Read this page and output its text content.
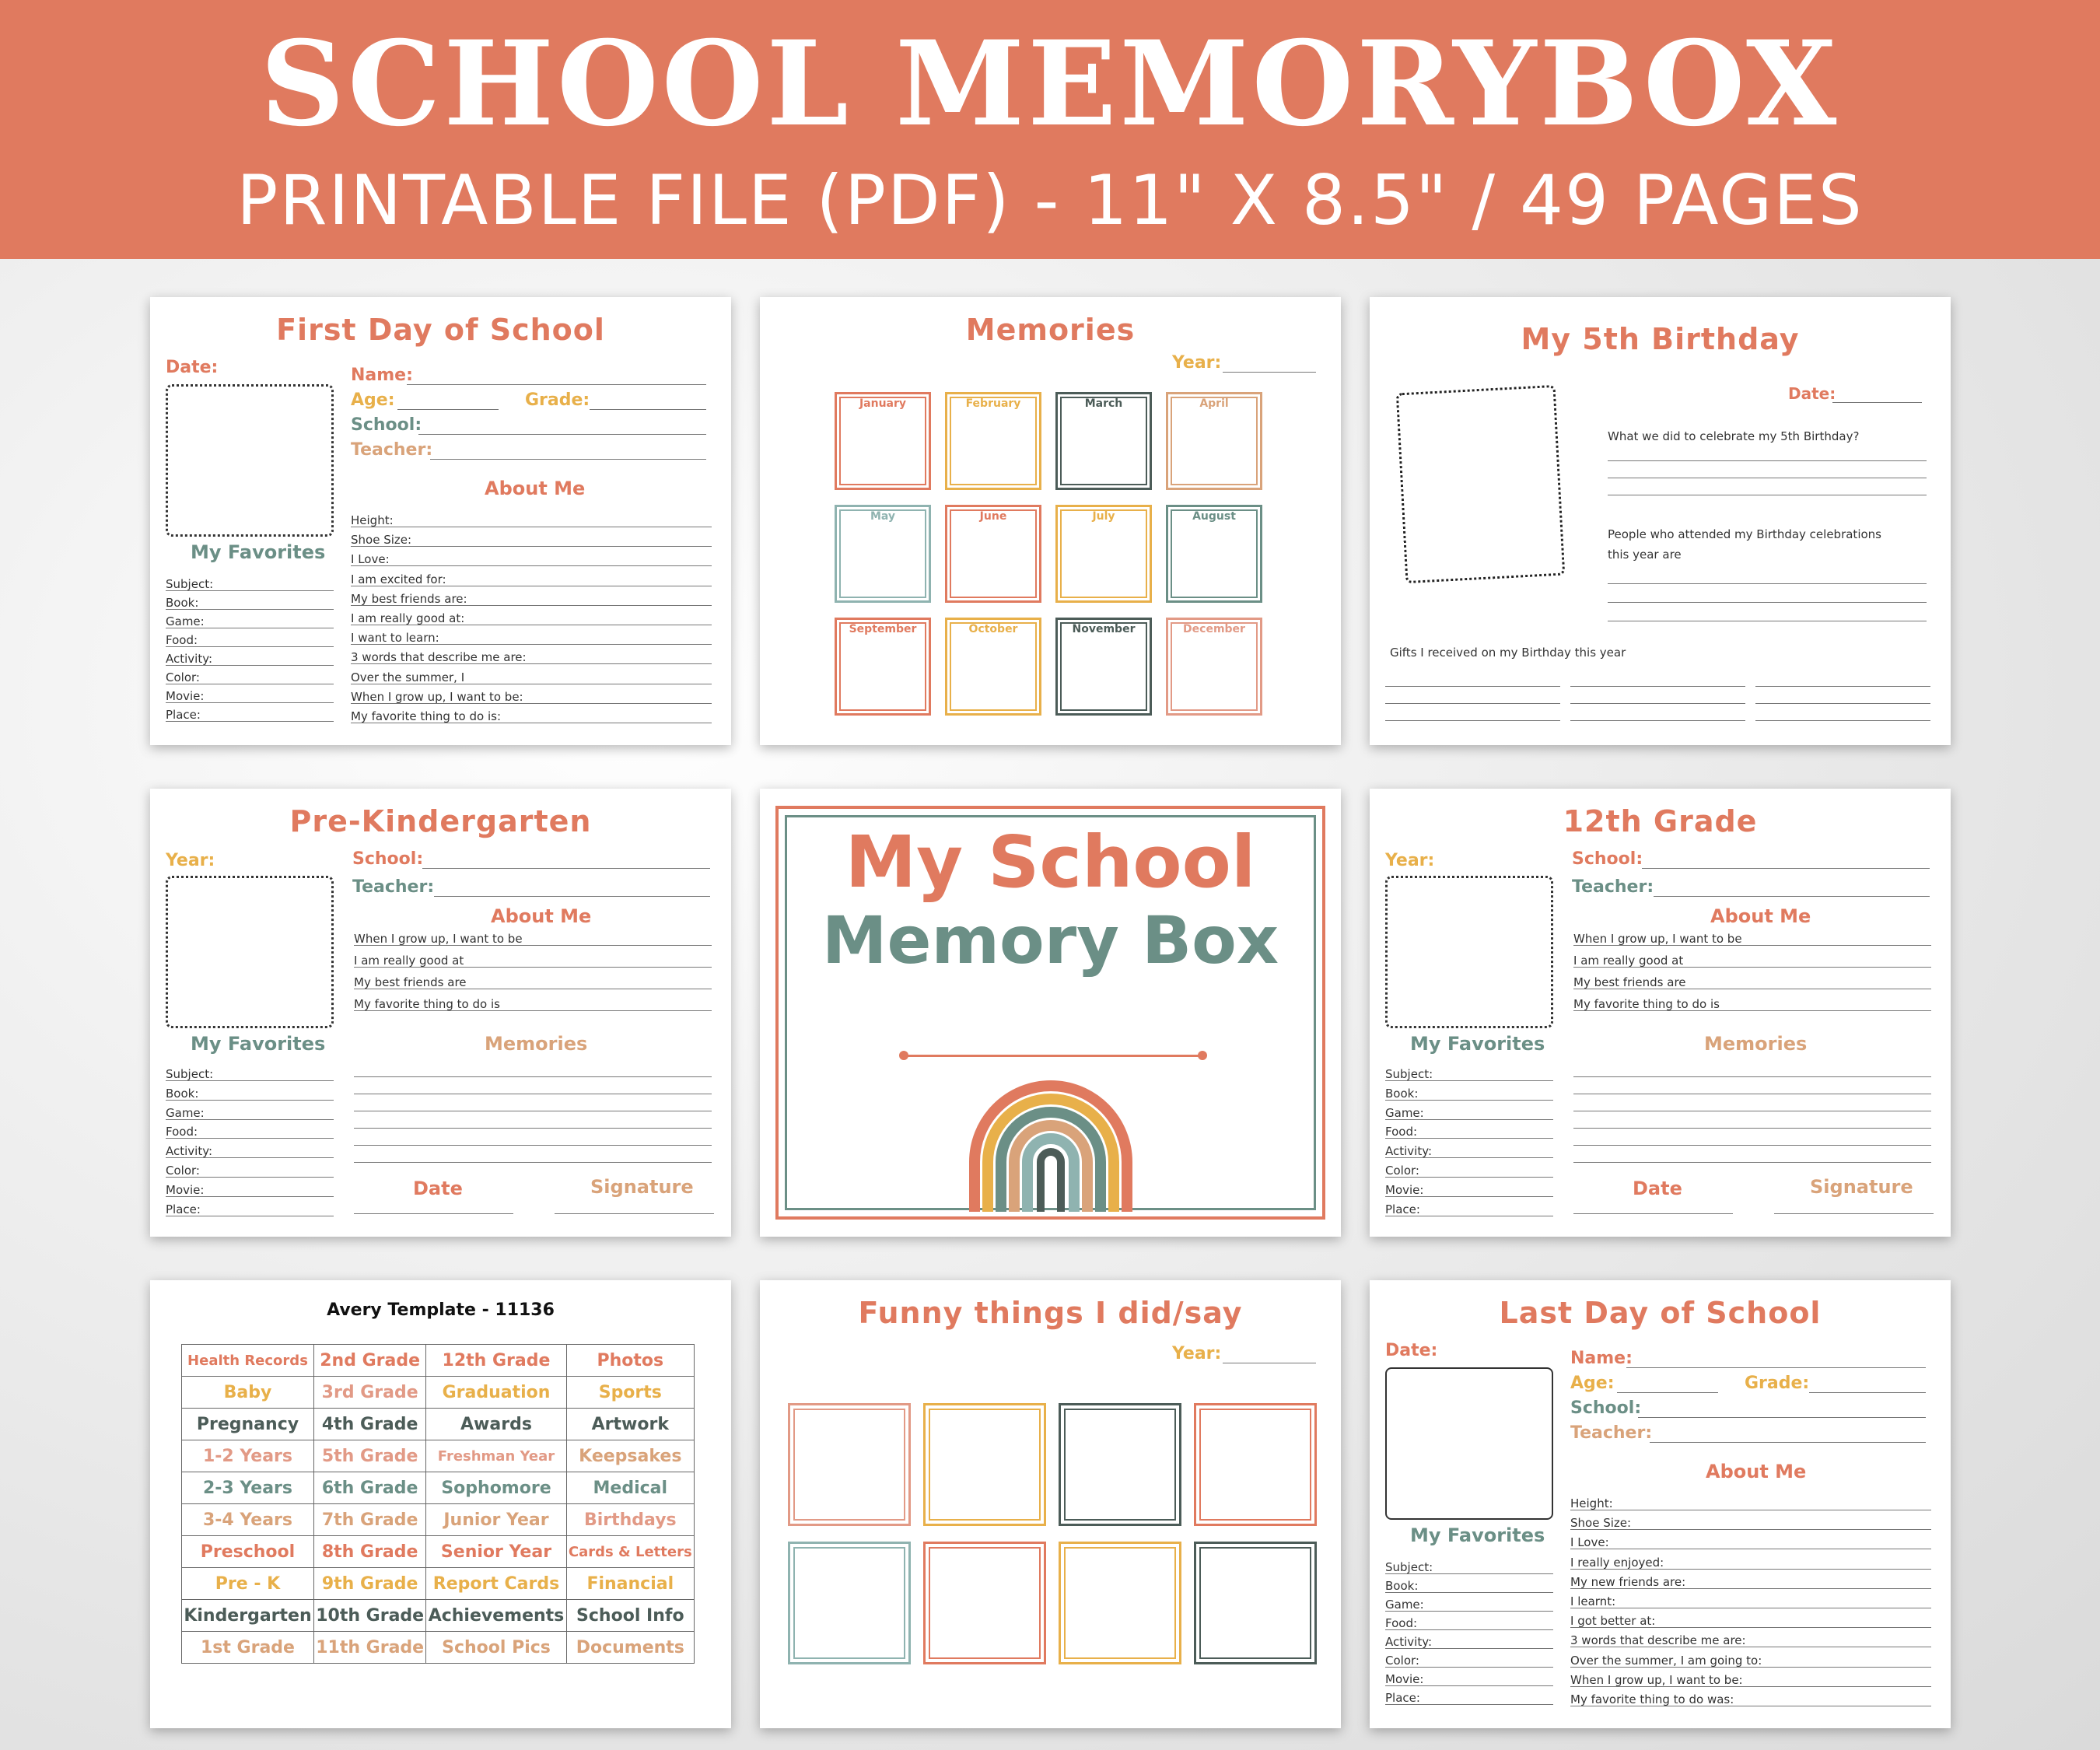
SCHOOL MEMORYBOX
PRINTABLE FILE (PDF) - 11" X 8.5" / 49 PAGES
First Day of School
Date:	Name:
Age:	Grade:
School:
Teacher:
About Me
My Favorites
Height:
Shoe Size:
I Love:
I am excited for:
My best friends are:
I am really good at:
I want to learn:
3 words that describe me are:
Over the summer, I
When I grow up, I want to be:
My favorite thing to do is:
Subject:
Book:
Game:
Food:
Activity:
Color:
Movie:
Place:
Memories
Year:
January	February	March	April
May	June	July	August
September	October	November	December
My 5th Birthday
Date:
What we did to celebrate my 5th Birthday?
People who attended my Birthday celebrations
this year are
Gifts I received on my Birthday this year
Pre-Kindergarten
Year:	School:
Teacher:
About Me
When I grow up, I want to be
I am really good at
My best friends are
My favorite thing to do is
My Favorites
Subject:
Book:
Game:
Food:
Activity:
Color:
Movie:
Place:
Memories
Date	Signature
My School
Memory Box
12th Grade
Year:	School:
Teacher:
About Me
When I grow up, I want to be
I am really good at
My best friends are
My favorite thing to do is
My Favorites
Subject:
Book:
Game:
Food:
Activity:
Color:
Movie:
Place:
Memories
Date	Signature
Avery Template - 11136
Health Records	2nd Grade	12th Grade	Photos
Baby	3rd Grade	Graduation	Sports
Pregnancy	4th Grade	Awards	Artwork
1-2 Years	5th Grade	Freshman Year	Keepsakes
2-3 Years	6th Grade	Sophomore	Medical
3-4 Years	7th Grade	Junior Year	Birthdays
Preschool	8th Grade	Senior Year	Cards & Letters
Pre - K	9th Grade	Report Cards	Financial
Kindergarten	10th Grade	Achievements	School Info
1st Grade	11th Grade	School Pics	Documents
Funny things I did/say
Year:
Last Day of School
Date:	Name:
Age:	Grade:
School:
Teacher:
About Me
My Favorites
Height:
Shoe Size:
I Love:
I really enjoyed:
My new friends are:
I learnt:
I got better at:
3 words that describe me are:
Over the summer, I am going to:
When I grow up, I want to be:
My favorite thing to do was:
Subject:
Book:
Game:
Food:
Activity:
Color:
Movie:
Place:
